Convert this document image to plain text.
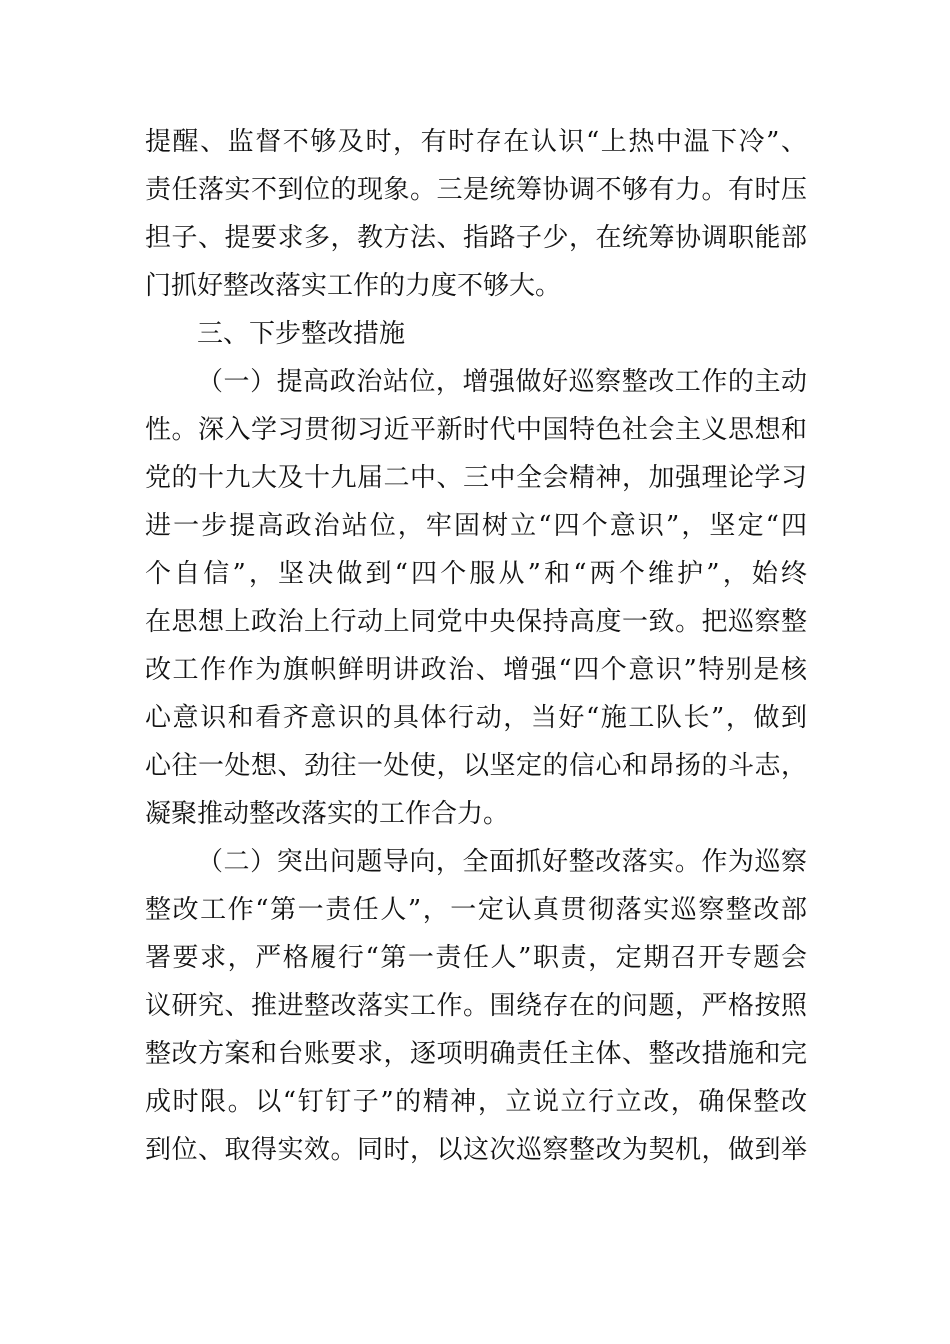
提醒、监督不够及时，有时存在认识“上热中温下冷”、
责任落实不到位的现象。三是统筹协调不够有力。有时压
担子、提要求多，教方法、指路子少，在统筹协调职能部
门抓好整改落实工作的力度不够大。
三、下步整改措施
（一）提高政治站位，增强做好巡察整改工作的主动
性。深入学习贯彻习近平新时代中国特色社会主义思想和
党的十九大及十九届二中、三中全会精神，加强理论学习
进一步提高政治站位，牢固树立“四个意识”，坚定“四
个自信”，坚决做到“四个服从”和“两个维护”，始终
在思想上政治上行动上同党中央保持高度一致。把巡察整
改工作作为旗帜鲜明讲政治、增强“四个意识”特别是核
心意识和看齐意识的具体行动，当好“施工队长”，做到
心往一处想、劲往一处使，以坚定的信心和昂扬的斗志，
凝聚推动整改落实的工作合力。
（二）突出问题导向，全面抓好整改落实。作为巡察
整改工作“第一责任人”，一定认真贯彻落实巡察整改部
署要求，严格履行“第一责任人”职责，定期召开专题会
议研究、推进整改落实工作。围绕存在的问题，严格按照
整改方案和台账要求，逐项明确责任主体、整改措施和完
成时限。以“钉钉子”的精神，立说立行立改，确保整改
到位、取得实效。同时，以这次巡察整改为契机，做到举
